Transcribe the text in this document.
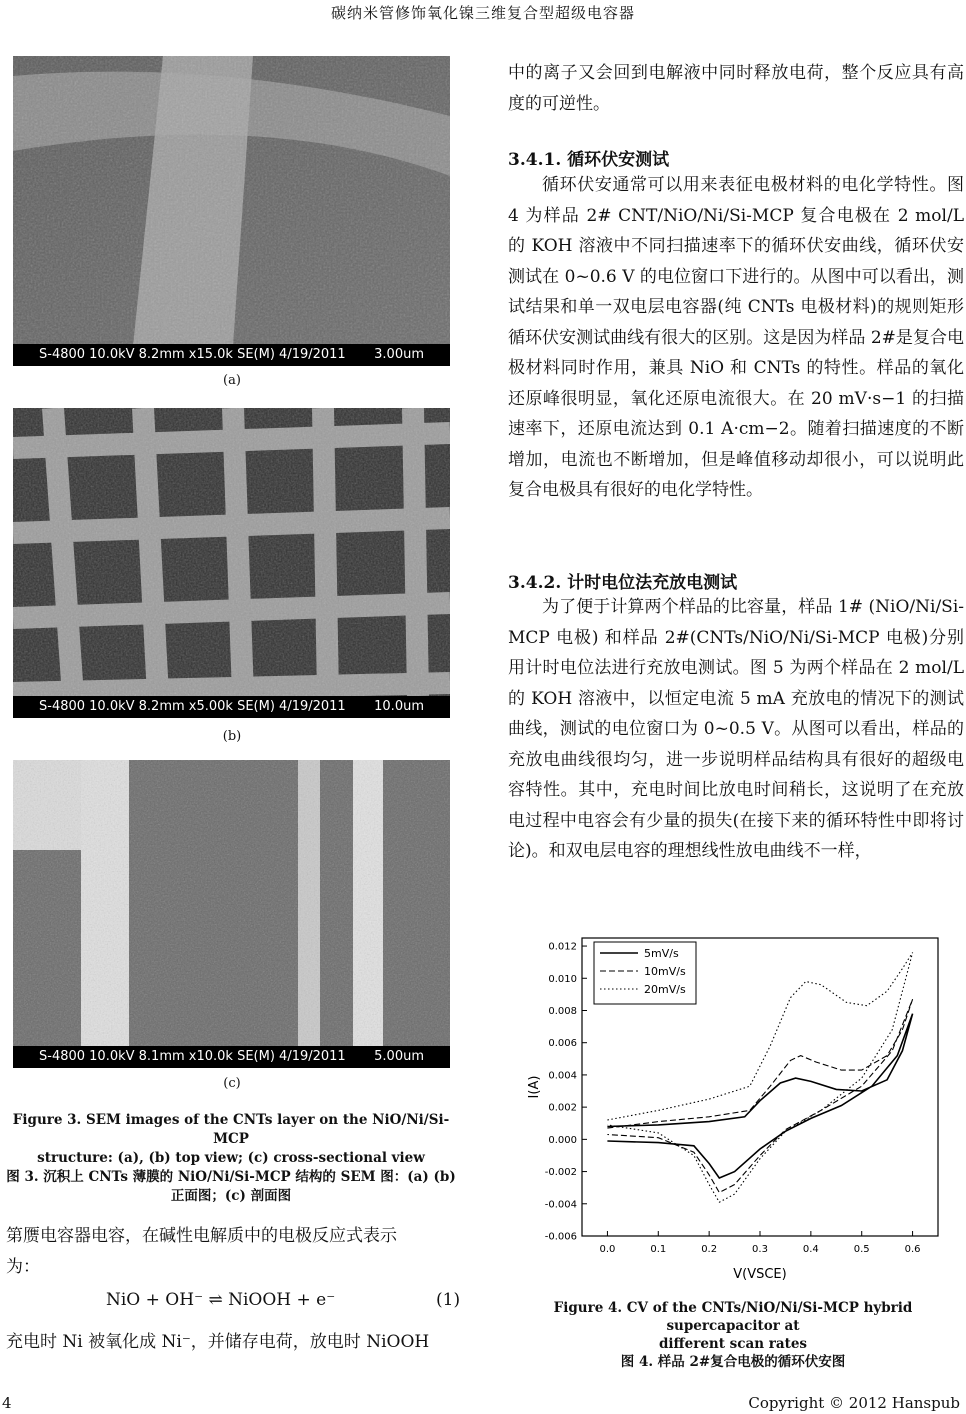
碳纳米管修饰氧化镍三维复合型超级电容器
S-4800 10.0kV 8.2mm x15.0k SE(M) 4/19/2011 3.00um
(a)
S-4800 10.0kV 8.2mm x5.00k SE(M) 4/19/2011 10.0um
(b)
S-4800 10.0kV 8.1mm x10.0k SE(M) 4/19/2011 5.00um
(c)
Figure 3. SEM images of the CNTs layer on the NiO/Ni/Si-MCP
structure: (a), (b) top view; (c) cross-sectional view
图 3. 沉积上 CNTs 薄膜的 NiO/Ni/Si-MCP 结构的 SEM 图：(a) (b)
正面图；(c) 剖面图
第赝电容器电容，在碱性电解质中的电极反应式表示
为：
NiO + OH⁻ ⇌ NiOOH + e⁻	(1)
充电时 Ni 被氧化成 Ni⁻，并储存电荷，放电时 NiOOH
中的离子又会回到电解液中同时释放电荷，整个反应具有高度的可逆性。
3.4.1. 循环伏安测试
循环伏安通常可以用来表征电极材料的电化学特性。图 4 为样品 2# CNT/NiO/Ni/Si-MCP 复合电极在 2 mol/L 的 KOH 溶液中不同扫描速率下的循环伏安曲线，循环伏安测试在 0~0.6 V 的电位窗口下进行的。从图中可以看出，测试结果和单一双电层电容器(纯 CNTs 电极材料)的规则矩形循环伏安测试曲线有很大的区别。这是因为样品 2#是复合电极材料同时作用，兼具 NiO 和 CNTs 的特性。样品的氧化还原峰很明显，氧化还原电流很大。在 20 mV·s−1 的扫描速率下，还原电流达到 0.1 A·cm−2。随着扫描速度的不断增加，电流也不断增加，但是峰值移动却很小，可以说明此复合电极具有很好的电化学特性。
3.4.2. 计时电位法充放电测试
为了便于计算两个样品的比容量，样品 1# (NiO/Ni/Si-MCP 电极) 和样品 2#(CNTs/NiO/Ni/Si-MCP 电极)分别用计时电位法进行充放电测试。图 5 为两个样品在 2 mol/L 的 KOH 溶液中，以恒定电流 5 mA 充放电的情况下的测试曲线，测试的电位窗口为 0~0.5 V。从图可以看出，样品的充放电曲线很均匀，进一步说明样品结构具有很好的超级电容特性。其中，充电时间比放电时间稍长，这说明了在充放电过程中电容会有少量的损失(在接下来的循环特性中即将讨论)。和双电层电容的理想线性放电曲线不一样，
0.0	0.1	0.2	0.3	0.4	0.5	0.6
-0.006
-0.004
-0.002
0.000
0.002
0.004
0.006
0.008
0.010
0.012
I(A)
V(VSCE)
5mV/s
10mV/s
20mV/s
Figure 4. CV of the CNTs/NiO/Ni/Si-MCP hybrid supercapacitor at
different scan rates
图 4. 样品 2#复合电极的循环伏安图
4	Copyright © 2012 Hanspub
